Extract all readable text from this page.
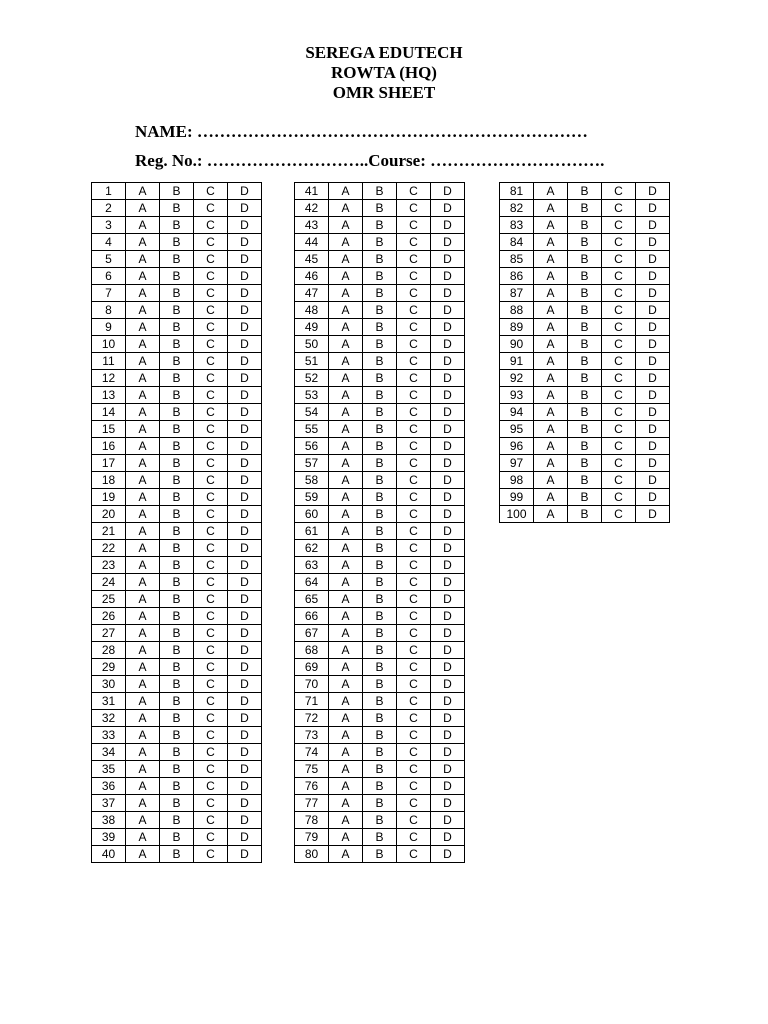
SEREGA EDUTECH
ROWTA (HQ)
OMR SHEET
NAME: ……………………………………………………………
Reg. No.: ………………………..Course: ………………………….
1	A	B	C	D
2	A	B	C	D
3	A	B	C	D
4	A	B	C	D
5	A	B	C	D
6	A	B	C	D
7	A	B	C	D
8	A	B	C	D
9	A	B	C	D
10	A	B	C	D
11	A	B	C	D
12	A	B	C	D
13	A	B	C	D
14	A	B	C	D
15	A	B	C	D
16	A	B	C	D
17	A	B	C	D
18	A	B	C	D
19	A	B	C	D
20	A	B	C	D
21	A	B	C	D
22	A	B	C	D
23	A	B	C	D
24	A	B	C	D
25	A	B	C	D
26	A	B	C	D
27	A	B	C	D
28	A	B	C	D
29	A	B	C	D
30	A	B	C	D
31	A	B	C	D
32	A	B	C	D
33	A	B	C	D
34	A	B	C	D
35	A	B	C	D
36	A	B	C	D
37	A	B	C	D
38	A	B	C	D
39	A	B	C	D
40	A	B	C	D
41	A	B	C	D
42	A	B	C	D
43	A	B	C	D
44	A	B	C	D
45	A	B	C	D
46	A	B	C	D
47	A	B	C	D
48	A	B	C	D
49	A	B	C	D
50	A	B	C	D
51	A	B	C	D
52	A	B	C	D
53	A	B	C	D
54	A	B	C	D
55	A	B	C	D
56	A	B	C	D
57	A	B	C	D
58	A	B	C	D
59	A	B	C	D
60	A	B	C	D
61	A	B	C	D
62	A	B	C	D
63	A	B	C	D
64	A	B	C	D
65	A	B	C	D
66	A	B	C	D
67	A	B	C	D
68	A	B	C	D
69	A	B	C	D
70	A	B	C	D
71	A	B	C	D
72	A	B	C	D
73	A	B	C	D
74	A	B	C	D
75	A	B	C	D
76	A	B	C	D
77	A	B	C	D
78	A	B	C	D
79	A	B	C	D
80	A	B	C	D
81	A	B	C	D
82	A	B	C	D
83	A	B	C	D
84	A	B	C	D
85	A	B	C	D
86	A	B	C	D
87	A	B	C	D
88	A	B	C	D
89	A	B	C	D
90	A	B	C	D
91	A	B	C	D
92	A	B	C	D
93	A	B	C	D
94	A	B	C	D
95	A	B	C	D
96	A	B	C	D
97	A	B	C	D
98	A	B	C	D
99	A	B	C	D
100	A	B	C	D
